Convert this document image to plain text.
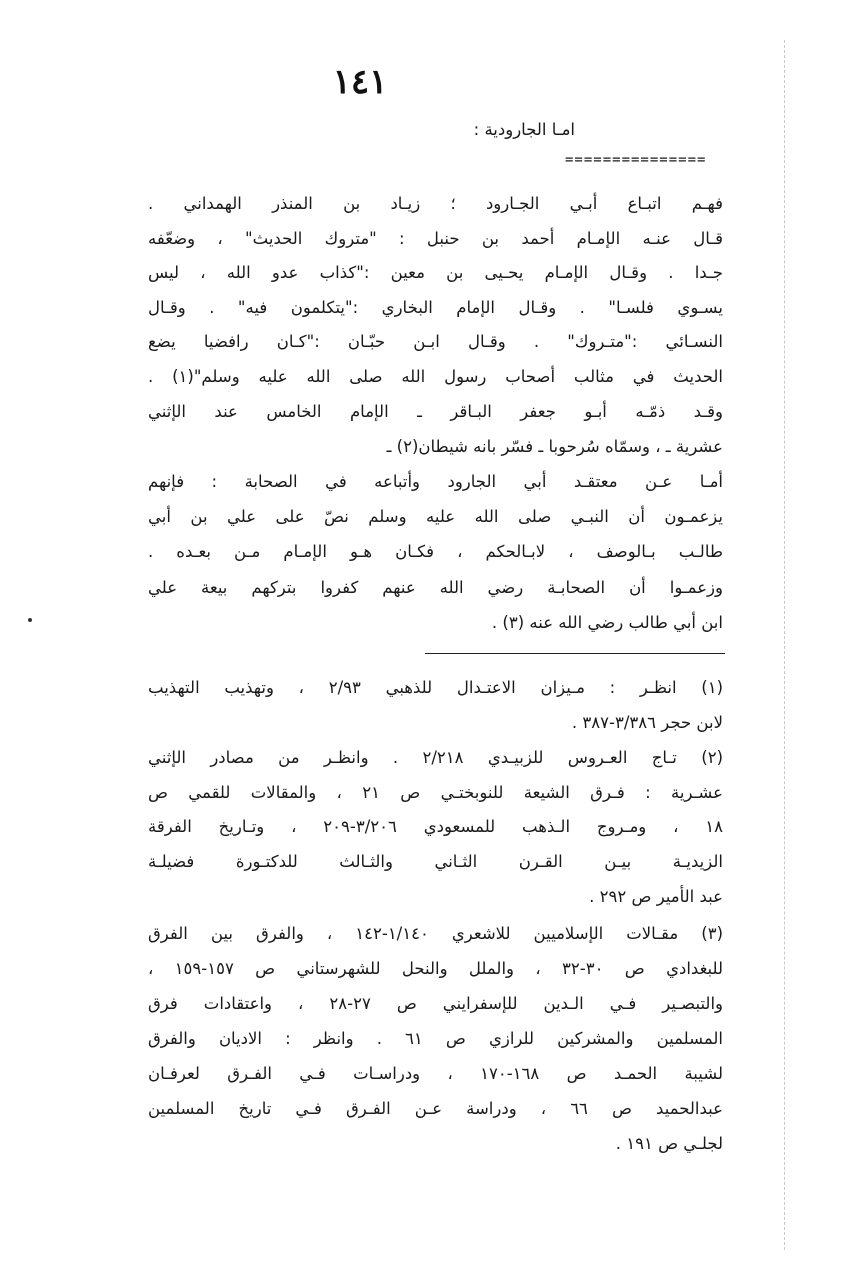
١٤١
امـا الجارودية :
===============
فهـم اتبـاع أبـي الجـارود ؛ زيـاد بن المنذر الهمداني .
قـال عنـه الإمـام أحمد بن حنبل : "متروك الحديث" ، وضعّفه
جـدا . وقـال الإمـام يحـيى بن معين :"كذاب عدو الله ، ليس
يسـوي فلسـا" . وقـال الإمام البخاري :"يتكلمون فيه" . وقـال
النسـائي :"متـروك" . وقـال ابـن حبّـان :"كـان رافضيا يضع
الحديث في مثالب أصحاب رسول الله صلى الله عليه وسلم"(١) .
وقـد ذمّـه أبـو جعفر البـاقر ـ الإمام الخامس عند الإثني
عشرية ـ ، وسمّاه سُرحوبا ـ فسّر بانه شيطان(٢) ـ
أمـا عـن معتقـد أبي الجارود وأتباعه في الصحابة : فإنهم
يزعمـون أن النبـي صلى الله عليه وسلم نصّ على علي بن أبي
طالـب بـالوصف ، لابـالحكم ، فكـان هـو الإمـام مـن بعـده .
وزعمـوا أن الصحابـة رضي الله عنهم كفروا بتركهم بيعة علي
ابن أبي طالب رضي الله عنه (٣) .
(١) انظـر : مـيزان الاعتـدال للذهبي ٢/٩٣ ، وتهذيب التهذيب
لابن حجر ٣/٣٨٦-٣٨٧ .
(٢) تـاج العـروس للزبيـدي ٢/٢١٨ . وانظـر من مصادر الإثني
عشـرية : فـرق الشيعة للنوبختـي ص ٢١ ، والمقالات للقمي ص
١٨ ، ومـروج الـذهب للمسعودي ٣/٢٠٦-٢٠٩ ، وتـاريخ الفرقة
الزيديـة بيـن القـرن الثـاني والثـالث للدكتـورة فضيلـة
عبد الأمير ص ٢٩٢ .
(٣) مقـالات الإسلاميين للاشعري ١/١٤٠-١٤٢ ، والفرق بين الفرق
للبغدادي ص ٣٠-٣٢ ، والملل والنحل للشهرستاني ص ١٥٧-١٥٩ ،
والتبصـير فـي الـدين للإسفرايني ص ٢٧-٢٨ ، واعتقادات فرق
المسلمين والمشركين للرازي ص ٦١ . وانظر : الاديان والفرق
لشيبة الحمـد ص ١٦٨-١٧٠ ، ودراسـات فـي الفـرق لعرفـان
عبدالحميد ص ٦٦ ، ودراسة عـن الفـرق فـي تاريخ المسلمين
لجلـي ص ١٩١ .
